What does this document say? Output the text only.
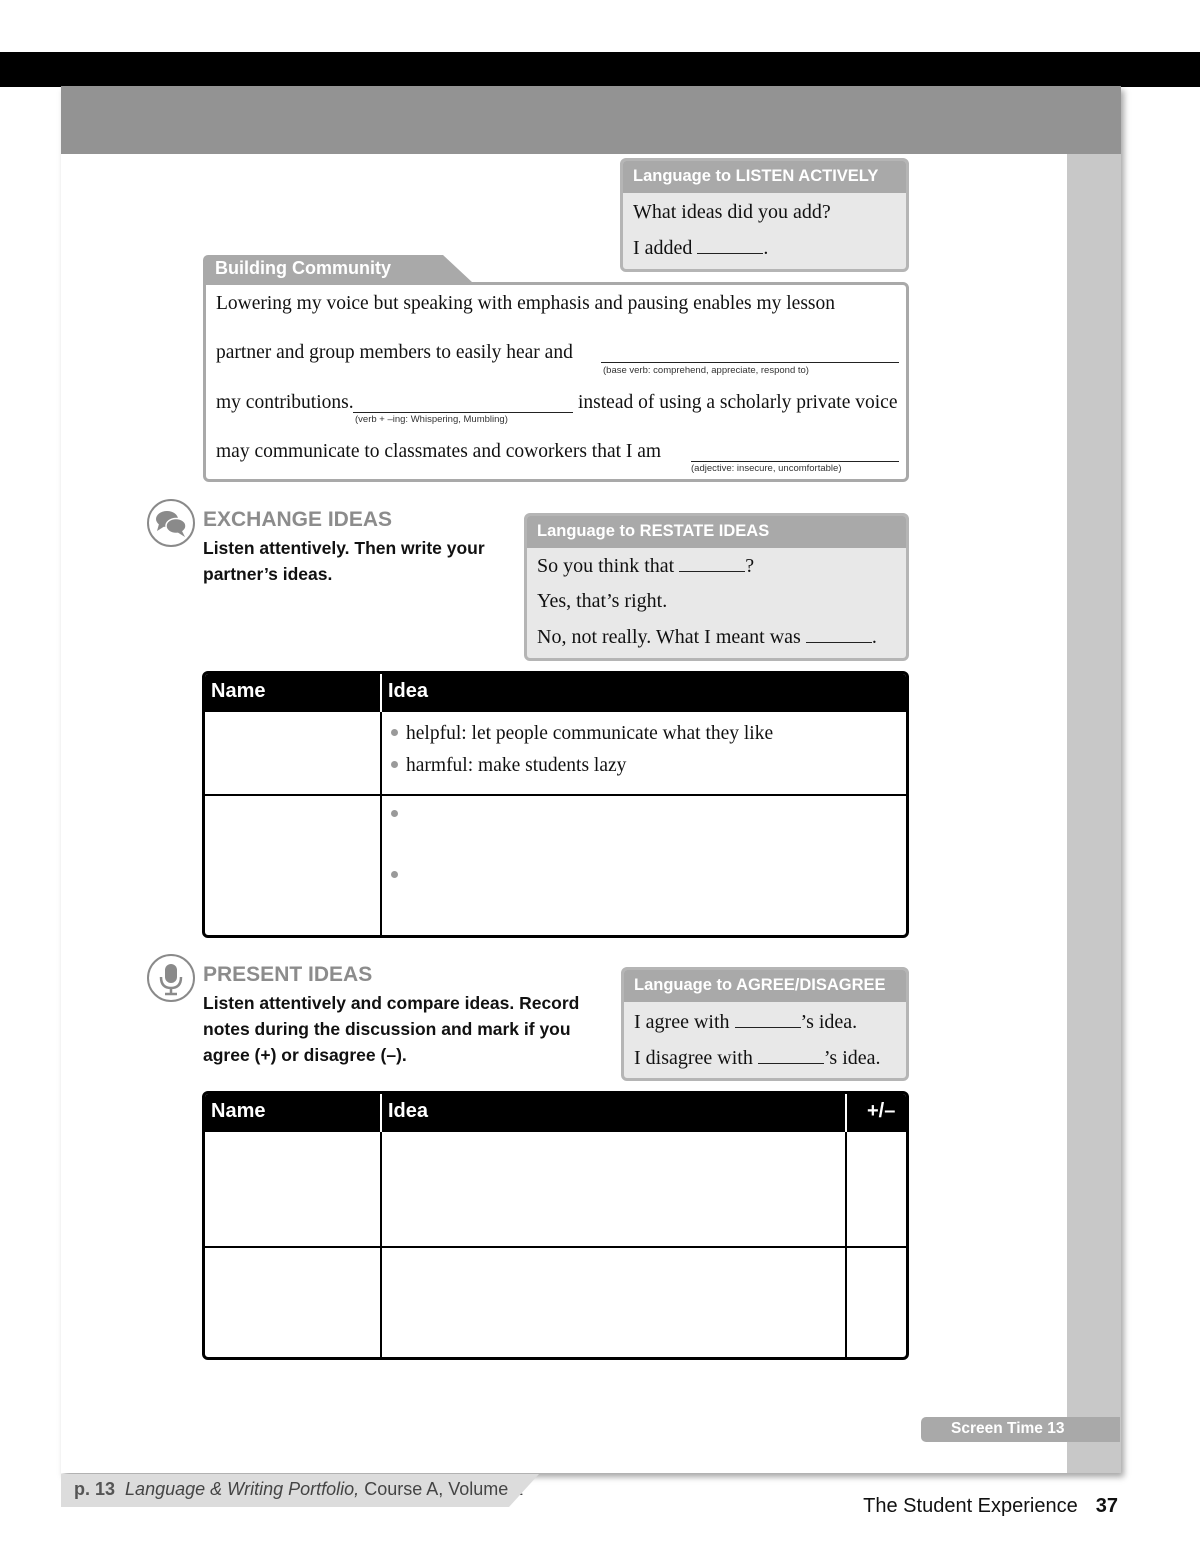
Language to LISTEN ACTIVELY
What ideas did you add?
I added	.
Building Community
Lowering my voice but speaking with emphasis and pausing enables my lesson
partner and group members to easily hear and
(base verb: comprehend, appreciate, respond to)
my contributions.
(verb + –ing: Whispering, Mumbling)
instead of using a scholarly private voice
may communicate to classmates and coworkers that I am
(adjective: insecure, uncomfortable)
EXCHANGE IDEAS
Listen attentively. Then write your partner’s ideas.
Language to RESTATE IDEAS
So you think that	?
Yes, that’s right.
No, not really. What I meant was	.
Name	Idea
helpful: let people communicate what they like
harmful: make students lazy
PRESENT IDEAS
Listen attentively and compare ideas. Record notes during the discussion and mark if you agree (+) or disagree (–).
Language to AGREE/DISAGREE
I agree with	’s idea.
I disagree with	’s idea.
Name	Idea	+/–
Screen Time 13
p. 13 Language & Writing Portfolio, Course A, Volume 1
The Student Experience 37
